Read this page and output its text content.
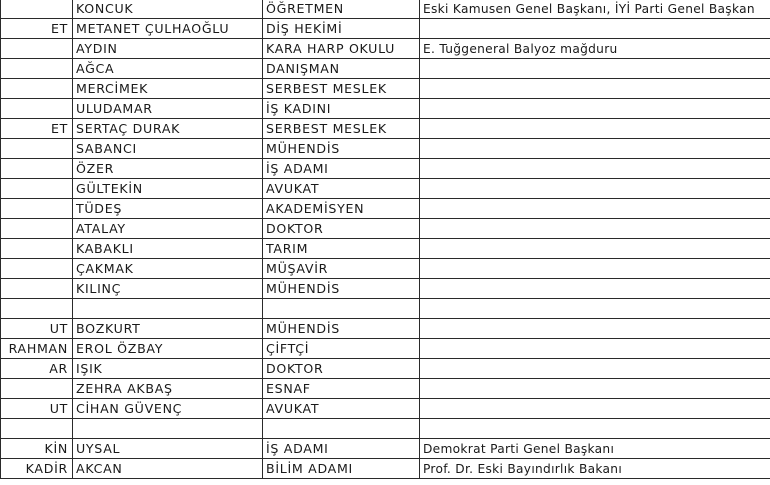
	KONCUK	ÖĞRETMEN	Eski Kamusen Genel Başkanı, İYİ Parti Genel Başkan
ET	METANET ÇULHAOĞLU	DİŞ HEKİMİ	
	AYDIN	KARA HARP OKULU	E. Tuğgeneral Balyoz mağduru
	AĞCA	DANIŞMAN	
	MERCİMEK	SERBEST MESLEK	
	ULUDAMAR	İŞ KADINI	
ET	SERTAÇ DURAK	SERBEST MESLEK	
	SABANCI	MÜHENDİS	
	ÖZER	İŞ ADAMI	
	GÜLTEKİN	AVUKAT	
	TÜDEŞ	AKADEMİSYEN	
	ATALAY	DOKTOR	
	KABAKLI	TARIM	
	ÇAKMAK	MÜŞAVİR	
	KILINÇ	MÜHENDİS	

UT	BOZKURT	MÜHENDİS	
RAHMAN	EROL ÖZBAY	ÇİFTÇİ	
AR	IŞIK	DOKTOR	
	ZEHRA AKBAŞ	ESNAF	
UT	CİHAN GÜVENÇ	AVUKAT	

KİN	UYSAL	İŞ ADAMI	Demokrat Parti Genel Başkanı
KADİR	AKCAN	BİLİM ADAMI	Prof. Dr. Eski Bayındırlık Bakanı
